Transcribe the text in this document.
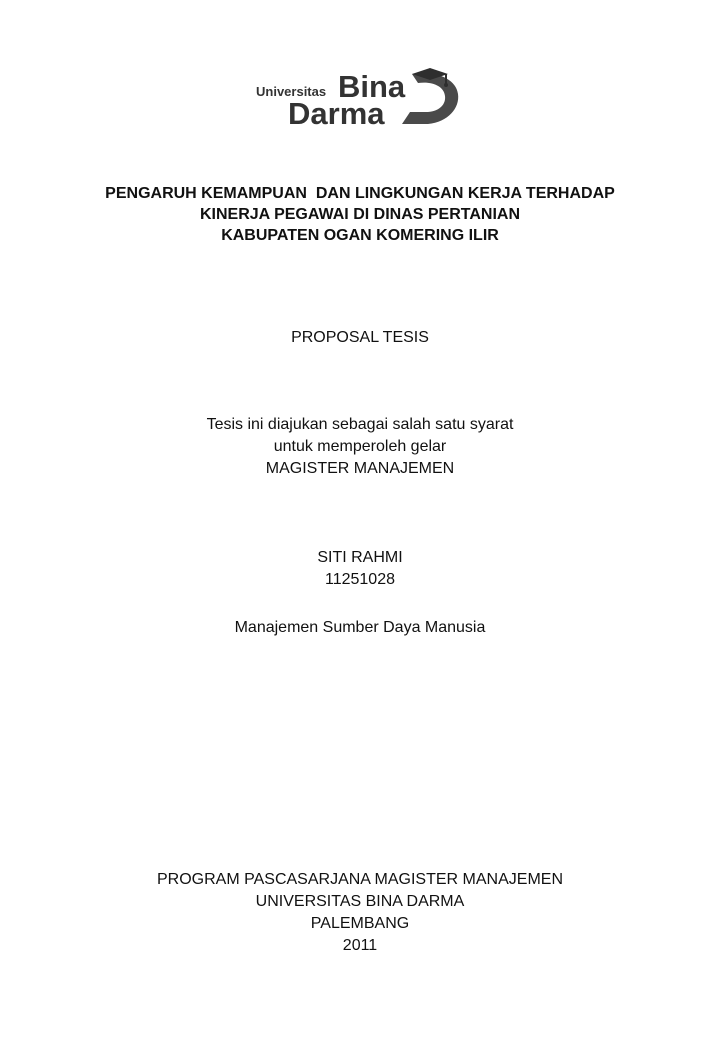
Universitas Bina
Darma
PENGARUH KEMAMPUAN  DAN LINGKUNGAN KERJA TERHADAP
KINERJA PEGAWAI DI DINAS PERTANIAN
KABUPATEN OGAN KOMERING ILIR
PROPOSAL TESIS
Tesis ini diajukan sebagai salah satu syarat
untuk memperoleh gelar
MAGISTER MANAJEMEN
SITI RAHMI
11251028
Manajemen Sumber Daya Manusia
PROGRAM PASCASARJANA MAGISTER MANAJEMEN
UNIVERSITAS BINA DARMA
PALEMBANG
2011
